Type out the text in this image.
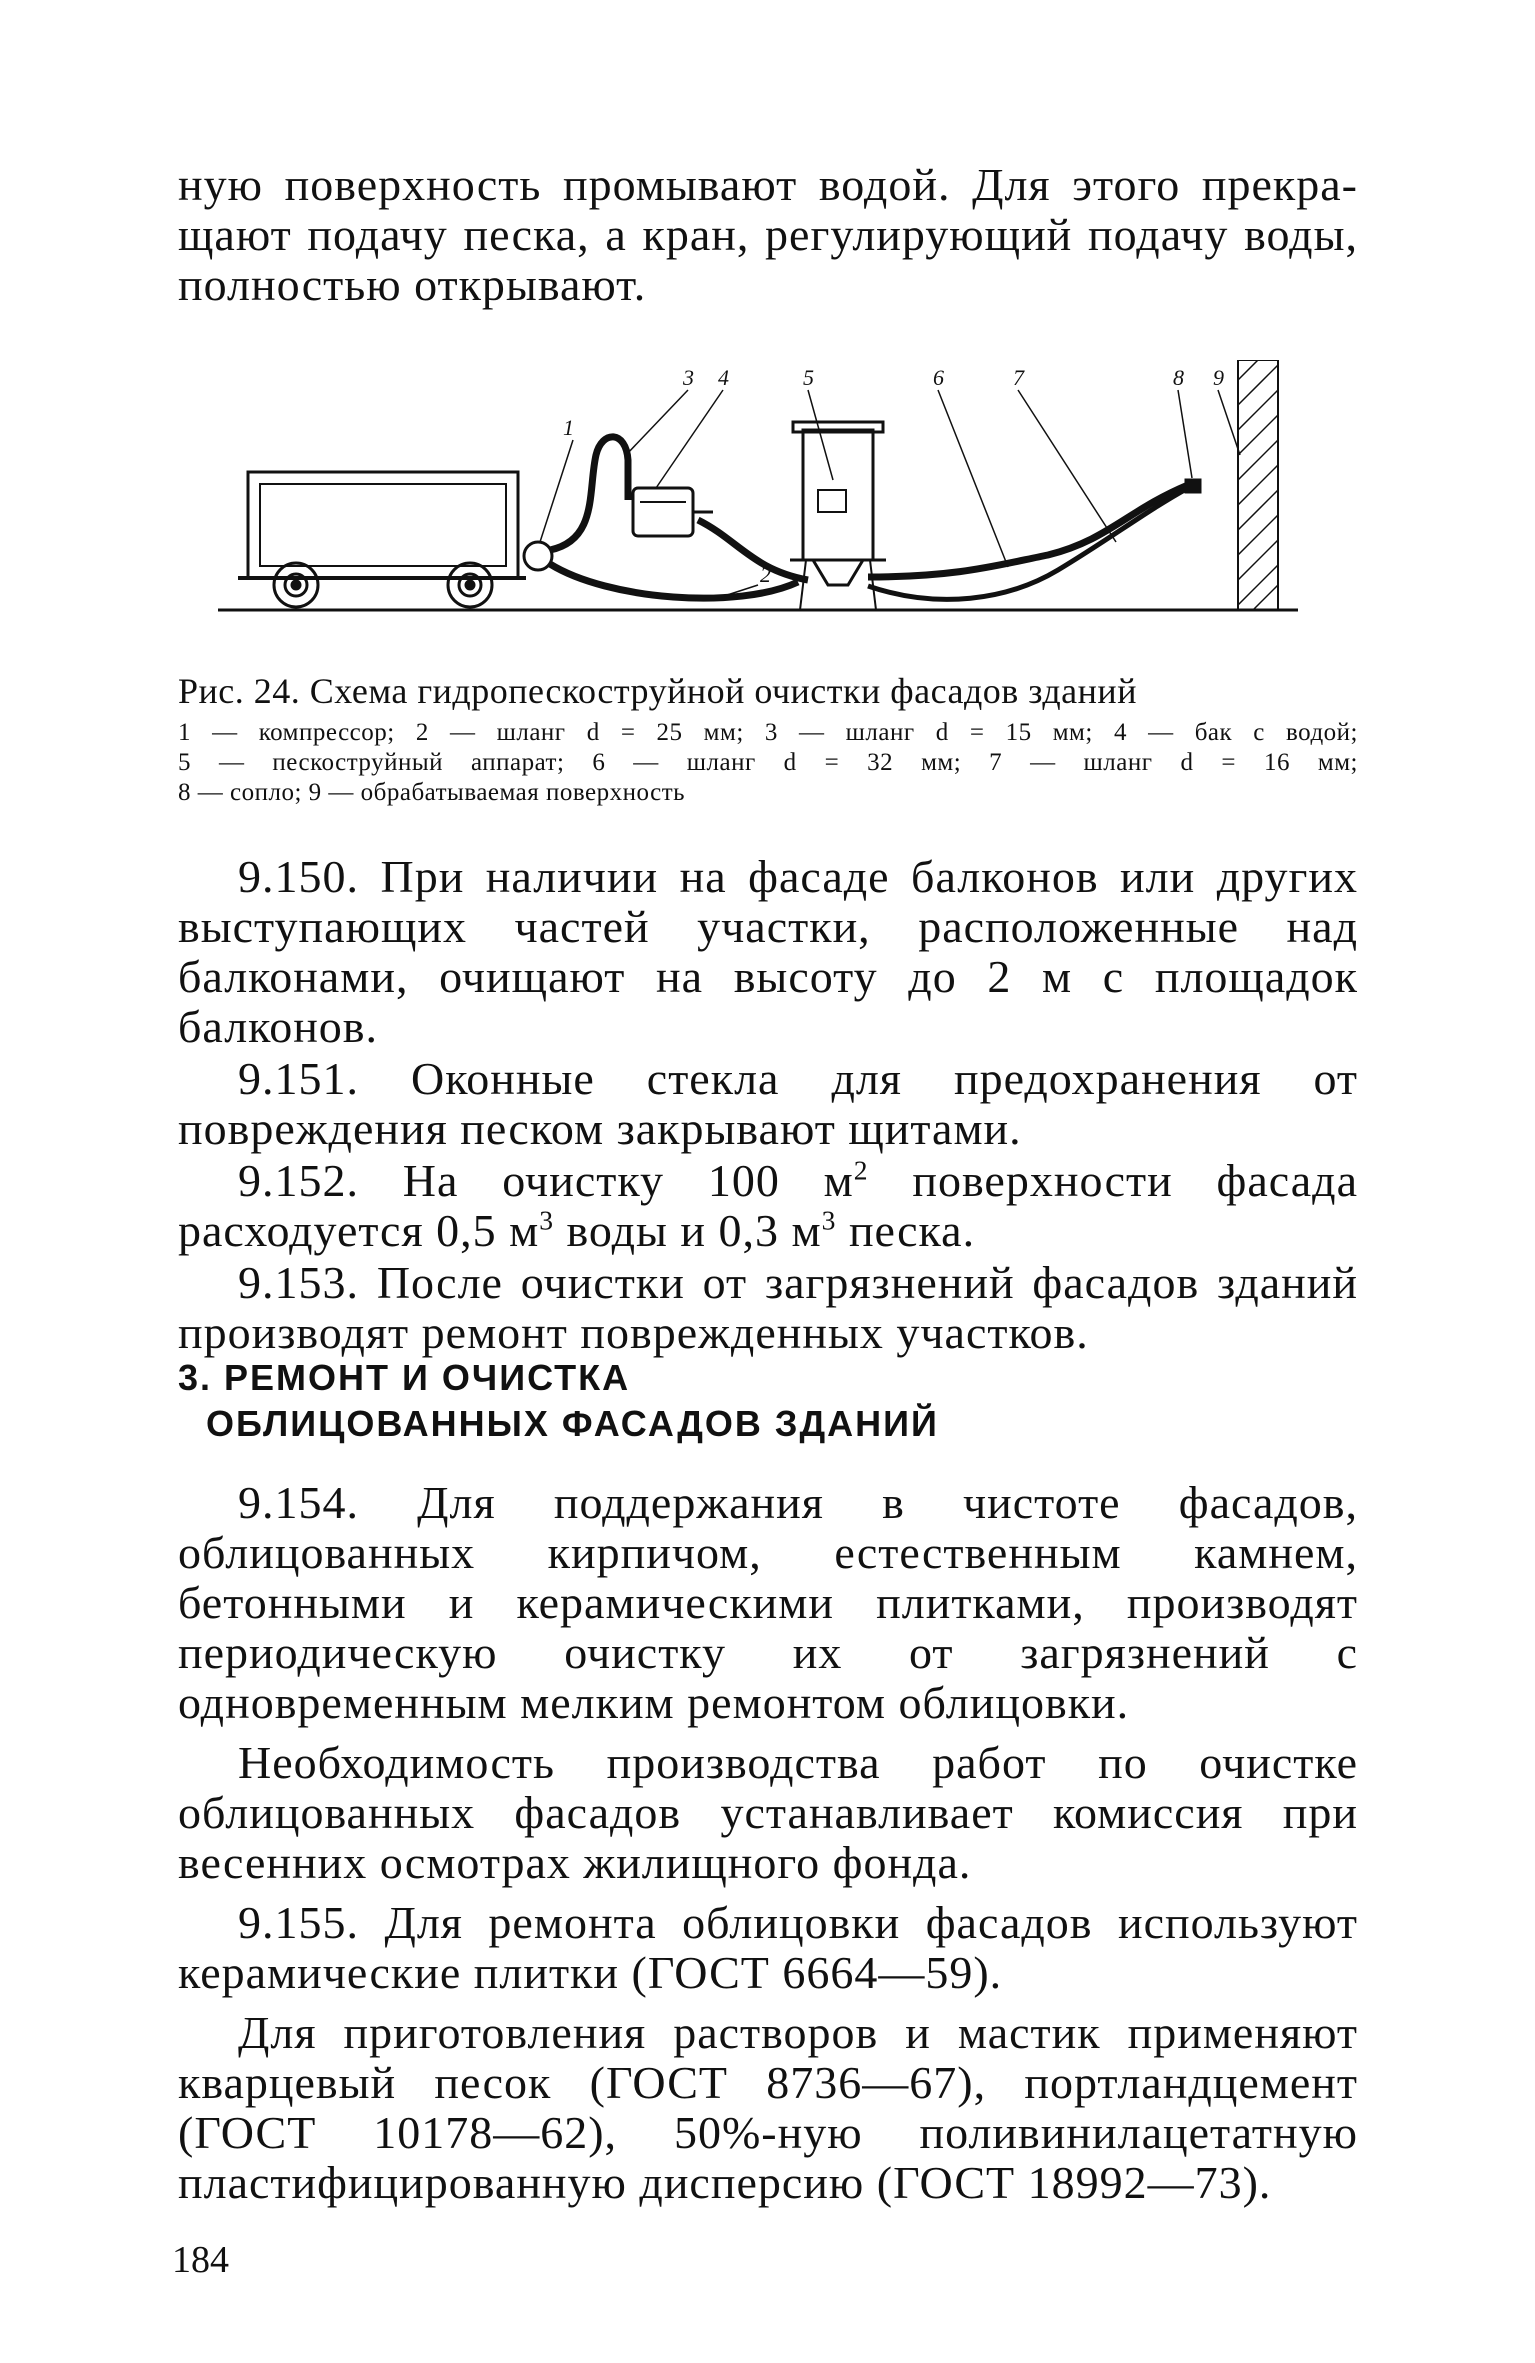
ную поверхность промывают водой. Для этого прекра-

щают подачу песка, а кран, регулирующий подачу воды,

полностью открывают.

1
2
3 4	5	6	7	8 9

Рис. 24. Схема гидропескоструйной очистки фасадов зданий

1 — компрессор; 2 — шланг d = 25 мм; 3 — шланг d = 15 мм; 4 — бак с водой;

5 — пескоструйный аппарат; 6 — шланг d = 32 мм; 7 — шланг d = 16 мм;

8 — сопло; 9 — обрабатываемая поверхность

9.150. При наличии на фасаде балконов или других выступающих частей участки, расположенные над балконами, очищают на высоту до 2 м с площадок балконов.

9.151. Оконные стекла для предохранения от повреждения песком закрывают щитами.

9.152. На очистку 100 $м^2$ поверхности фасада расходуется 0,5 $м^3$ воды и 0,3 $м^3$ песка.

9.153. После очистки от загрязнений фасадов зданий производят ремонт поврежденных участков.

3. РЕМОНТ И ОЧИСТКА
ОБЛИЦОВАННЫХ ФАСАДОВ ЗДАНИЙ

9.154. Для поддержания в чистоте фасадов, облицованных кирпичом, естественным камнем, бетонными и керамическими плитками, производят периодическую очистку их от загрязнений с одновременным мелким ремонтом облицовки.

Необходимость производства работ по очистке облицованных фасадов устанавливает комиссия при весенних осмотрах жилищного фонда.

9.155. Для ремонта облицовки фасадов используют керамические плитки (ГОСТ 6664—59).

Для приготовления растворов и мастик применяют кварцевый песок (ГОСТ 8736—67), портландцемент (ГОСТ 10178—62), 50%-ную поливинилацетатную пластифицированную дисперсию (ГОСТ 18992—73).

184
